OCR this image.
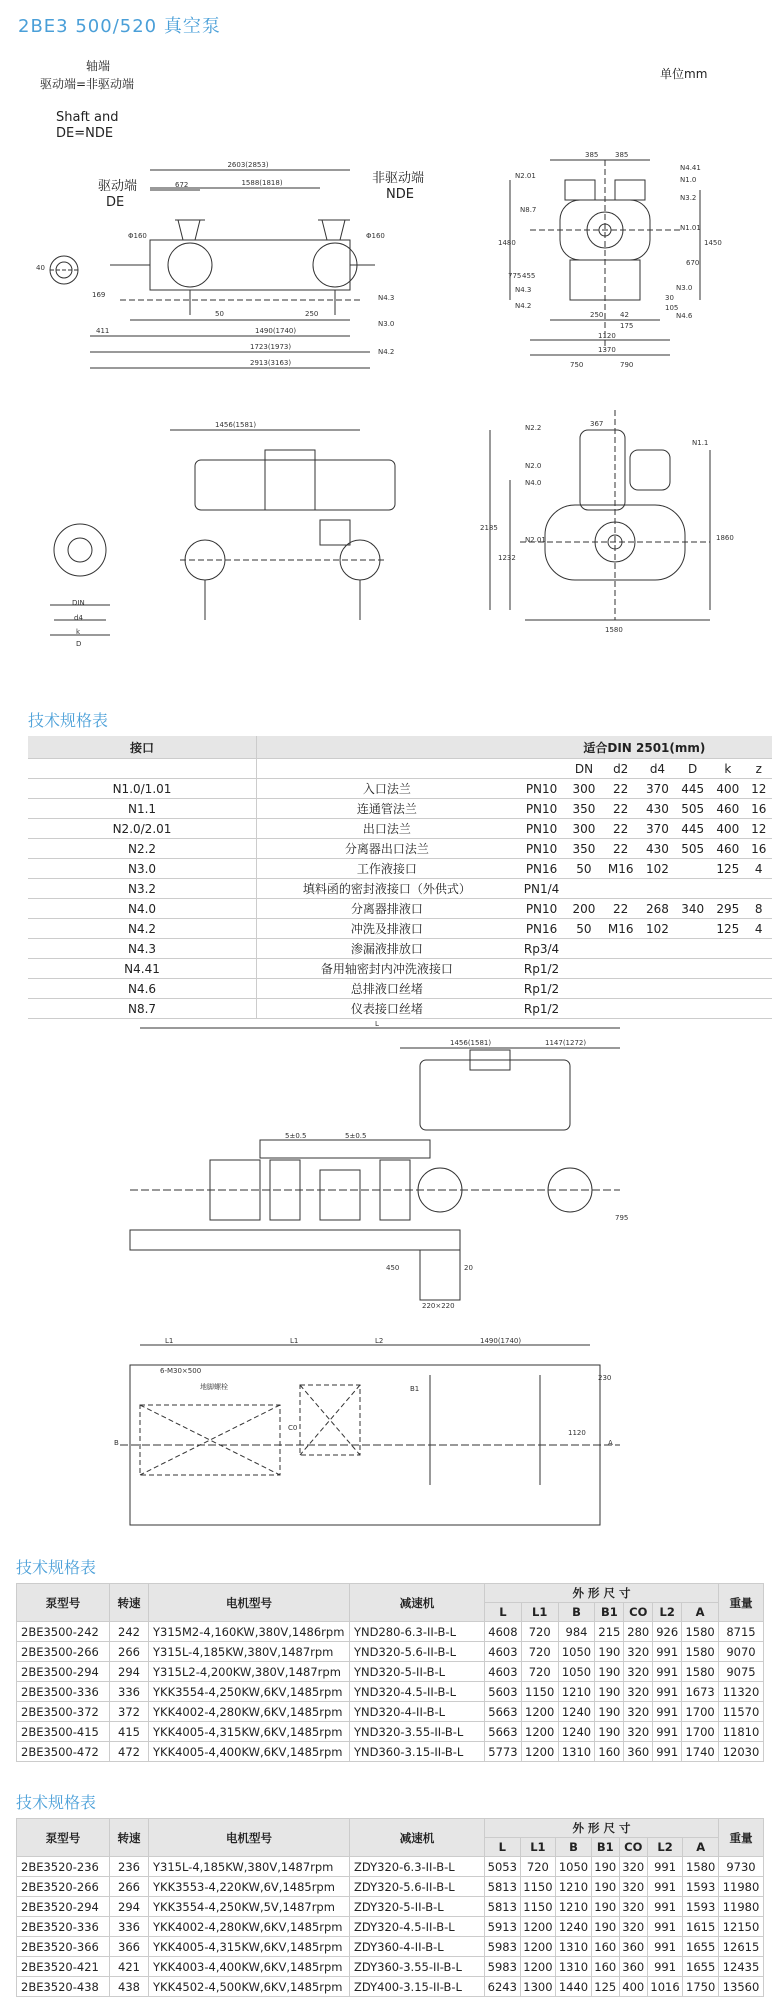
2BE3 500/520 真空泵
轴端
驱动端=非驱动端
单位mm
Shaft and
DE=NDE
2603(2853)
1588(1818)
672
40
169
Φ160	Φ160
50	250
1490(1740)
411
1723(1973)
2913(3163)
N4.3
N3.0
N4.2
驱动端
DE
非驱动端
NDE
385 385
1480
775 455
1450
670
250 42
175
105
30
1120
1370
750	790
N2.01
N8.7
N4.41
N1.0
N3.2
N1.01
N4.3
N4.2
N4.6
N3.0
1456(1581)
DIN
d4
k
D
367
2185
1232
1860
1580
N2.2
N1.1
N2.0
N4.0
N2.01
技术规格表
接口			适合DIN 2501(mm)						
				DN	d2	d4	D	k	z
N1.0/1.01	入口法兰		PN10	300	22	370	445	400	12
N1.1	连通管法兰		PN10	350	22	430	505	460	16
N2.0/2.01	出口法兰		PN10	300	22	370	445	400	12
N2.2	分离器出口法兰		PN10	350	22	430	505	460	16
N3.0	工作液接口		PN16	50	M16	102		125	4
N3.2	填料函的密封液接口（外供式）		PN1/4						
N4.0	分离器排液口		PN10	200	22	268	340	295	8
N4.2	冲洗及排液口		PN16	50	M16	102		125	4
N4.3	渗漏液排放口		Rp3/4						
N4.41	备用轴密封内冲洗液接口		Rp1/2						
N4.6	总排液口丝堵		Rp1/2						
N8.7	仪表接口丝堵		Rp1/2						
L
1456(1581)	1147(1272)
5±0.5	5±0.5
795
450	20
220×220
L1	L1	L2	1490(1740)
230
1120
A
B
B1
C0
6-M30×500
地脚螺栓
技术规格表
泵型号	转速	电机型号	减速机	外 形 尺 寸							重量
				L	L1	B	B1	CO	L2	A	
2BE3500-242	242	Y315M2-4,160KW,380V,1486rpm	YND280-6.3-II-B-L	4608	720	984	215	280	926	1580	8715
2BE3500-266	266	Y315L-4,185KW,380V,1487rpm	YND320-5.6-II-B-L	4603	720	1050	190	320	991	1580	9070
2BE3500-294	294	Y315L2-4,200KW,380V,1487rpm	YND320-5-II-B-L	4603	720	1050	190	320	991	1580	9075
2BE3500-336	336	YKK3554-4,250KW,6KV,1485rpm	YND320-4.5-II-B-L	5603	1150	1210	190	320	991	1673	11320
2BE3500-372	372	YKK4002-4,280KW,6KV,1485rpm	YND320-4-II-B-L	5663	1200	1240	190	320	991	1700	11570
2BE3500-415	415	YKK4005-4,315KW,6KV,1485rpm	YND320-3.55-II-B-L	5663	1200	1240	190	320	991	1700	11810
2BE3500-472	472	YKK4005-4,400KW,6KV,1485rpm	YND360-3.15-II-B-L	5773	1200	1310	160	360	991	1740	12030
技术规格表
泵型号	转速	电机型号	减速机	外 形 尺 寸							重量
				L	L1	B	B1	CO	L2	A	
2BE3520-236	236	Y315L-4,185KW,380V,1487rpm	ZDY320-6.3-II-B-L	5053	720	1050	190	320	991	1580	9730
2BE3520-266	266	YKK3553-4,220KW,6V,1485rpm	ZDY320-5.6-II-B-L	5813	1150	1210	190	320	991	1593	11980
2BE3520-294	294	YKK3554-4,250KW,5V,1487rpm	ZDY320-5-II-B-L	5813	1150	1210	190	320	991	1593	11980
2BE3520-336	336	YKK4002-4,280KW,6KV,1485rpm	ZDY320-4.5-II-B-L	5913	1200	1240	190	320	991	1615	12150
2BE3520-366	366	YKK4005-4,315KW,6KV,1485rpm	ZDY360-4-II-B-L	5983	1200	1310	160	360	991	1655	12615
2BE3520-421	421	YKK4003-4,400KW,6KV,1485rpm	ZDY360-3.55-II-B-L	5983	1200	1310	160	360	991	1655	12435
2BE3520-438	438	YKK4502-4,500KW,6KV,1485rpm	ZDY400-3.15-II-B-L	6243	1300	1440	125	400	1016	1750	13560
